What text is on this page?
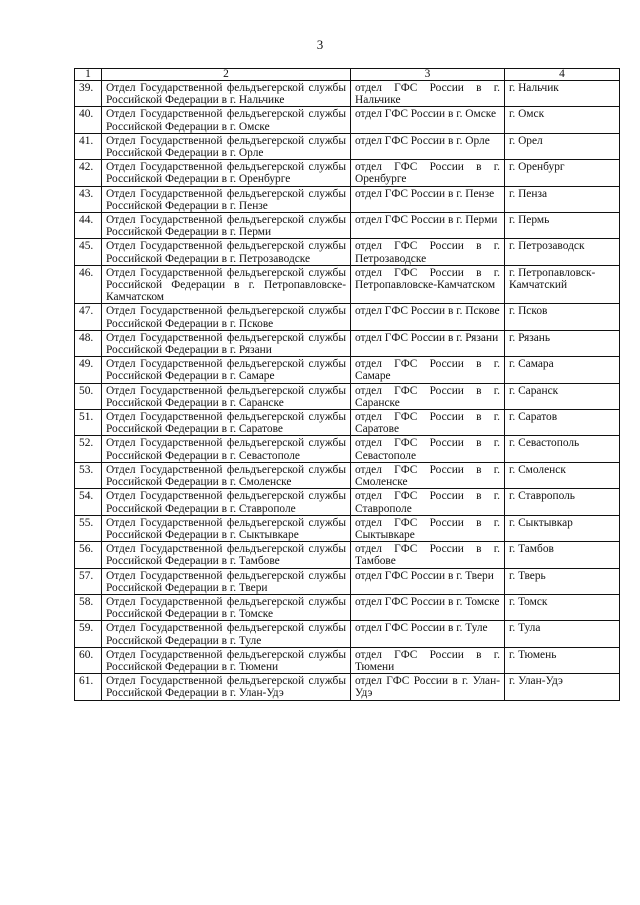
3
1	2	3	4
39.	Отдел Государственной фельдъегерской службы Российской Федерации в г. Нальчике	отдел ГФС России в г. Нальчике	г. Нальчик
40.	Отдел Государственной фельдъегерской службы Российской Федерации в г. Омске	отдел ГФС России в г. Омске	г. Омск
41.	Отдел Государственной фельдъегерской службы Российской Федерации в г. Орле	отдел ГФС России в г. Орле	г. Орел
42.	Отдел Государственной фельдъегерской службы Российской Федерации в г. Оренбурге	отдел ГФС России в г. Оренбурге	г. Оренбург
43.	Отдел Государственной фельдъегерской службы Российской Федерации в г. Пензе	отдел ГФС России в г. Пензе	г. Пенза
44.	Отдел Государственной фельдъегерской службы Российской Федерации в г. Перми	отдел ГФС России в г. Перми	г. Пермь
45.	Отдел Государственной фельдъегерской службы Российской Федерации в г. Петрозаводске	отдел ГФС России в г. Петрозаводске	г. Петрозаводск
46.	Отдел Государственной фельдъегерской службы Российской Федерации в г. Петропавловске- Камчатском	отдел ГФС России в г. Петропавловске-Камчатском	г. Петропавловск-Камчатский
47.	Отдел Государственной фельдъегерской службы Российской Федерации в г. Пскове	отдел ГФС России в г. Пскове	г. Псков
48.	Отдел Государственной фельдъегерской службы Российской Федерации в г. Рязани	отдел ГФС России в г. Рязани	г. Рязань
49.	Отдел Государственной фельдъегерской службы Российской Федерации в г. Самаре	отдел ГФС России в г. Самаре	г. Самара
50.	Отдел Государственной фельдъегерской службы Российской Федерации в г. Саранске	отдел ГФС России в г. Саранске	г. Саранск
51.	Отдел Государственной фельдъегерской службы Российской Федерации в г. Саратове	отдел ГФС России в г. Саратове	г. Саратов
52.	Отдел Государственной фельдъегерской службы Российской Федерации в г. Севастополе	отдел ГФС России в г. Севастополе	г. Севастополь
53.	Отдел Государственной фельдъегерской службы Российской Федерации в г. Смоленске	отдел ГФС России в г. Смоленске	г. Смоленск
54.	Отдел Государственной фельдъегерской службы Российской Федерации в г. Ставрополе	отдел ГФС России в г. Ставрополе	г. Ставрополь
55.	Отдел Государственной фельдъегерской службы Российской Федерации в г. Сыктывкаре	отдел ГФС России в г. Сыктывкаре	г. Сыктывкар
56.	Отдел Государственной фельдъегерской службы Российской Федерации в г. Тамбове	отдел ГФС России в г. Тамбове	г. Тамбов
57.	Отдел Государственной фельдъегерской службы Российской Федерации в г. Твери	отдел ГФС России в г. Твери	г. Тверь
58.	Отдел Государственной фельдъегерской службы Российской Федерации в г. Томске	отдел ГФС России в г. Томске	г. Томск
59.	Отдел Государственной фельдъегерской службы Российской Федерации в г. Туле	отдел ГФС России в г. Туле	г. Тула
60.	Отдел Государственной фельдъегерской службы Российской Федерации в г. Тюмени	отдел ГФС России в г. Тюмени	г. Тюмень
61.	Отдел Государственной фельдъегерской службы Российской Федерации в г. Улан-Удэ	отдел ГФС России в г. Улан-Удэ	г. Улан-Удэ
